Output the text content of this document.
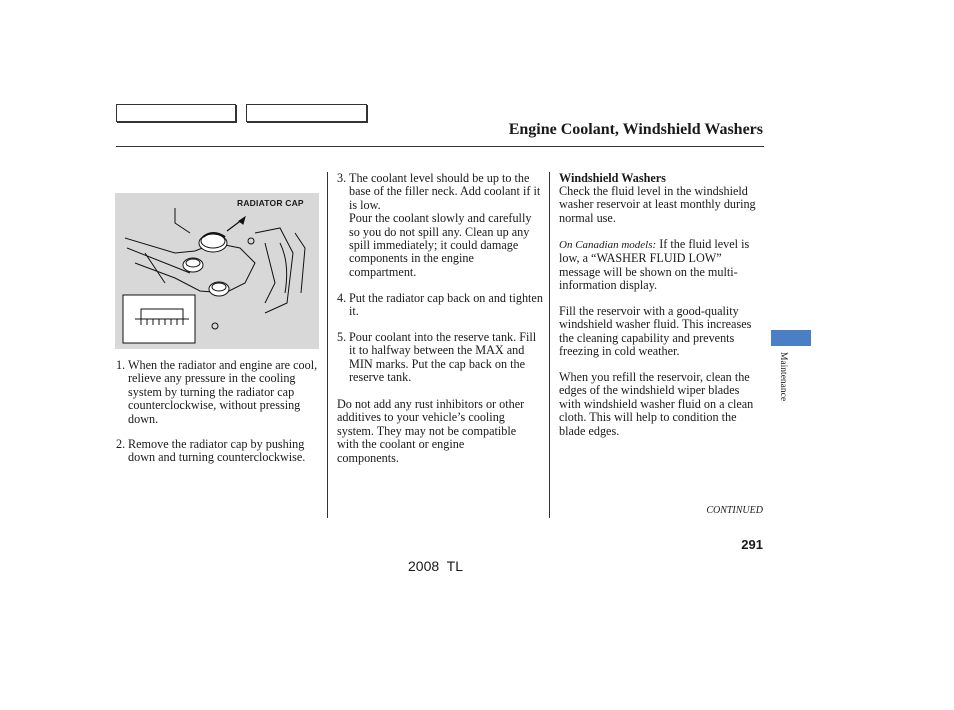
Engine Coolant, Windshield Washers
RADIATOR CAP
1. When the radiator and engine are cool, relieve any pressure in the cooling system by turning the radiator cap counterclockwise, without pressing down.
2. Remove the radiator cap by pushing down and turning counterclockwise.
3. The coolant level should be up to the base of the filler neck. Add coolant if it is low.
Pour the coolant slowly and carefully so you do not spill any. Clean up any spill immediately; it could damage components in the engine compartment.
4. Put the radiator cap back on and tighten it.
5. Pour coolant into the reserve tank. Fill it to halfway between the MAX and MIN marks. Put the cap back on the reserve tank.
Do not add any rust inhibitors or other additives to your vehicle’s cooling system. They may not be compatible with the coolant or engine components.
Windshield Washers
Check the fluid level in the windshield washer reservoir at least monthly during normal use.
On Canadian models: If the fluid level is low, a “WASHER FLUID LOW” message will be shown on the multi-information display.
Fill the reservoir with a good-quality windshield washer fluid. This increases the cleaning capability and prevents freezing in cold weather.
When you refill the reservoir, clean the edges of the windshield wiper blades with windshield washer fluid on a clean cloth. This will help to condition the blade edges.
Maintenance
CONTINUED
291
2008  TL
